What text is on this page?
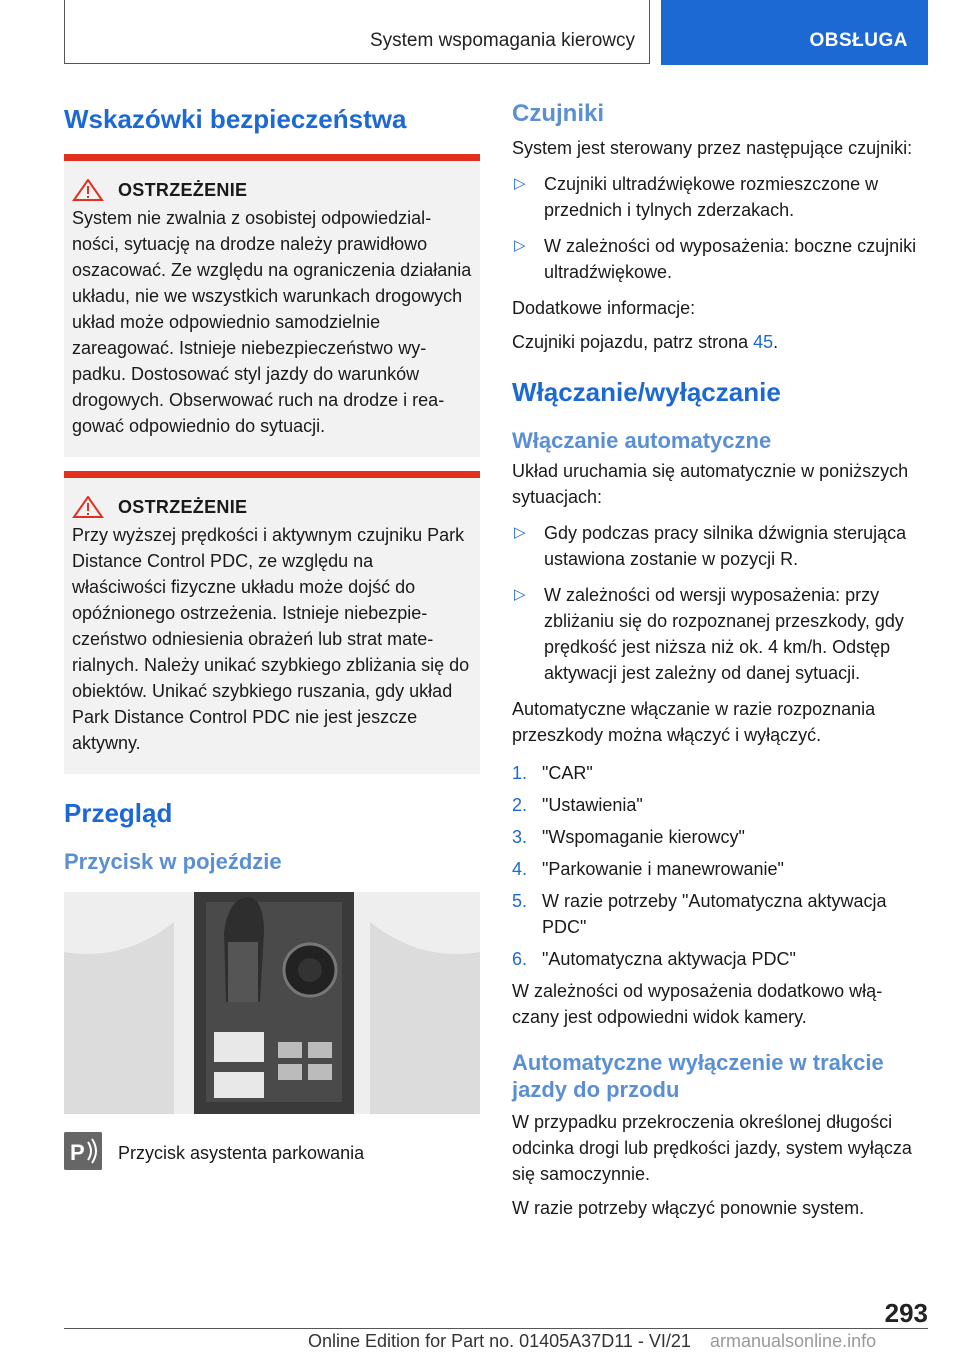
System wspomagania kierowcy	OBSŁUGA
Wskazówki bezpieczeństwa
OSTRZEŻENIE

System nie zwalnia z osobistej odpowiedzialności, sytuację na drodze należy prawidłowo oszacować. Ze względu na ograniczenia działania układu, nie we wszystkich warunkach drogowych układ może odpowiednio samodzielnie zareagować. Istnieje niebezpieczeństwo wypadku. Dostosować styl jazdy do warunków drogowych. Obserwować ruch na drodze i reagować odpowiednio do sytuacji.

OSTRZEŻENIE

Przy wyższej prędkości i aktywnym czujniku Park Distance Control PDC, ze względu na właściwości fizyczne układu może dojść do opóźnionego ostrzeżenia. Istnieje niebezpieczeństwo odniesienia obrażeń lub strat materialnych. Należy unikać szybkiego zbliżania się do obiektów. Unikać szybkiego ruszania, gdy układ Park Distance Control PDC nie jest jeszcze aktywny.

Przegląd
Przycisk w pojeździe
P Przycisk asystenta parkowania

Czujniki

System jest sterowany przez następujące czujniki:

▷	Czujniki ultradźwiękowe rozmieszczone w przednich i tylnych zderzakach.
▷	W zależności od wyposażenia: boczne czujniki ultradźwiękowe.

Dodatkowe informacje:

Czujniki pojazdu, patrz strona 45.

Włączanie/wyłączanie
Włączanie automatyczne

Układ uruchamia się automatycznie w poniższych sytuacjach:

▷	Gdy podczas pracy silnika dźwignia sterująca ustawiona zostanie w pozycji R.
▷	W zależności od wersji wyposażenia: przy zbliżaniu się do rozpoznanej przeszkody, gdy prędkość jest niższa niż ok. 4 km/h. Odstęp aktywacji jest zależny od danej sytuacji.

Automatyczne włączanie w razie rozpoznania przeszkody można włączyć i wyłączyć.

1. "CAR"
2. "Ustawienia"
3. "Wspomaganie kierowcy"
4. "Parkowanie i manewrowanie"
5. W razie potrzeby "Automatyczna aktywacja PDC"
6. "Automatyczna aktywacja PDC"

W zależności od wyposażenia dodatkowo włączany jest odpowiedni widok kamery.

Automatyczne wyłączenie w trakcie jazdy do przodu

W przypadku przekroczenia określonej długości odcinka drogi lub prędkości jazdy, system wyłącza się samoczynnie.

W razie potrzeby włączyć ponownie system.

293
Online Edition for Part no. 01405A37D11 - VI/21 armanualsonline.info
